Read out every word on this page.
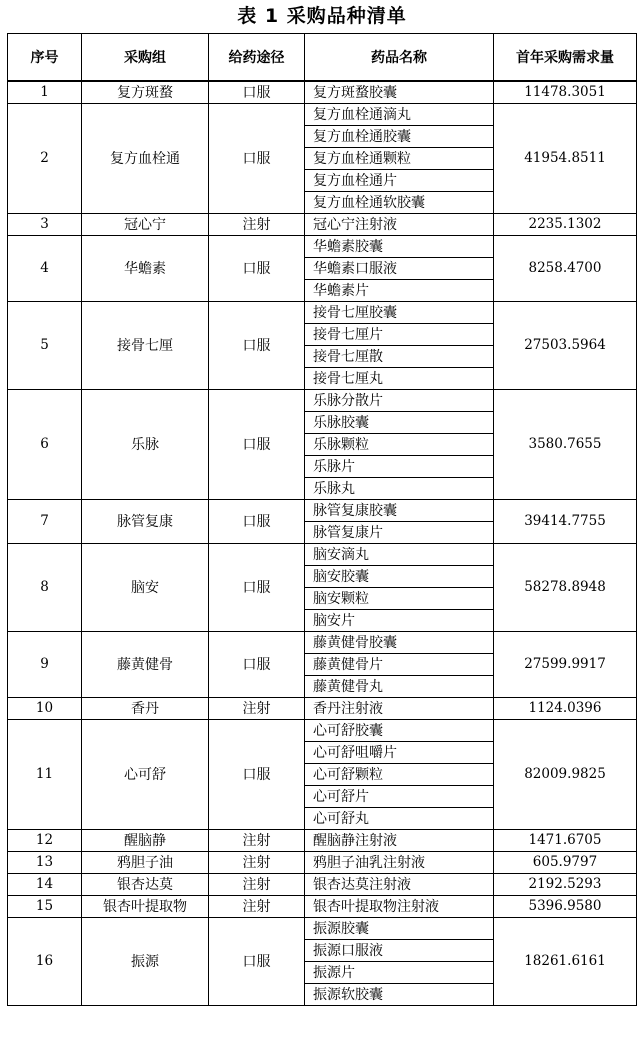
表 1 采购品种清单
序号	采购组	给药途径	药品名称	首年采购需求量
1	复方斑蝥	口服	复方斑蝥胶囊	11478.3051
2	复方血栓通	口服	复方血栓通滴丸	41954.8511
			复方血栓通胶囊	
			复方血栓通颗粒	
			复方血栓通片	
			复方血栓通软胶囊	
3	冠心宁	注射	冠心宁注射液	2235.1302
4	华蟾素	口服	华蟾素胶囊	8258.4700
			华蟾素口服液	
			华蟾素片	
5	接骨七厘	口服	接骨七厘胶囊	27503.5964
			接骨七厘片	
			接骨七厘散	
			接骨七厘丸	
6	乐脉	口服	乐脉分散片	3580.7655
			乐脉胶囊	
			乐脉颗粒	
			乐脉片	
			乐脉丸	
7	脉管复康	口服	脉管复康胶囊	39414.7755
			脉管复康片	
8	脑安	口服	脑安滴丸	58278.8948
			脑安胶囊	
			脑安颗粒	
			脑安片	
9	藤黄健骨	口服	藤黄健骨胶囊	27599.9917
			藤黄健骨片	
			藤黄健骨丸	
10	香丹	注射	香丹注射液	1124.0396
11	心可舒	口服	心可舒胶囊	82009.9825
			心可舒咀嚼片	
			心可舒颗粒	
			心可舒片	
			心可舒丸	
12	醒脑静	注射	醒脑静注射液	1471.6705
13	鸦胆子油	注射	鸦胆子油乳注射液	605.9797
14	银杏达莫	注射	银杏达莫注射液	2192.5293
15	银杏叶提取物	注射	银杏叶提取物注射液	5396.9580
16	振源	口服	振源胶囊	18261.6161
			振源口服液	
			振源片	
			振源软胶囊	
